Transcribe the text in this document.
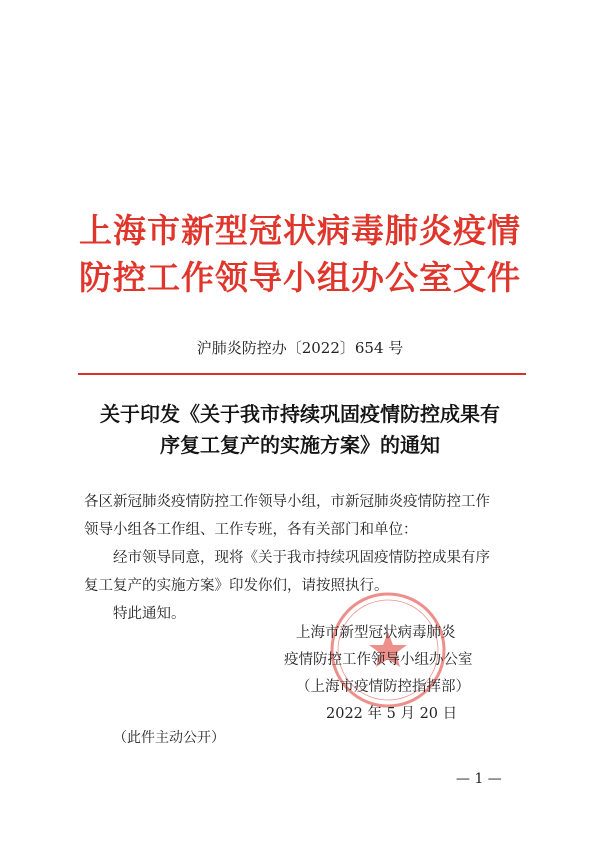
上海市新型冠状病毒肺炎疫情
防控工作领导小组办公室文件
沪肺炎防控办〔2022〕654 号
关于印发《关于我市持续巩固疫情防控成果有
序复工复产的实施方案》的通知
各区新冠肺炎疫情防控工作领导小组，市新冠肺炎疫情防控工作
领导小组各工作组、工作专班，各有关部门和单位：
经市领导同意，现将《关于我市持续巩固疫情防控成果有序
复工复产的实施方案》印发你们，请按照执行。
特此通知。
上海市新型冠状病毒肺炎
疫情防控工作领导小组办公室
（上海市疫情防控指挥部）
2022 年 5 月 20 日
（此件主动公开）
— 1 —
